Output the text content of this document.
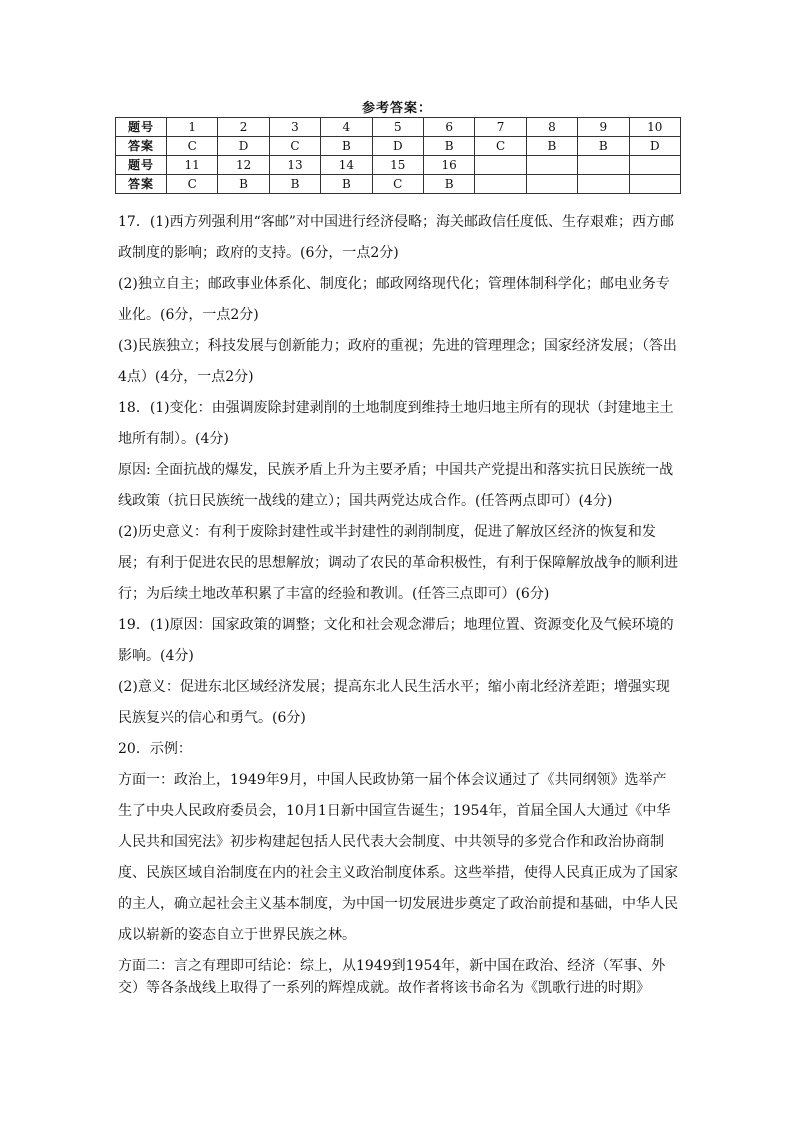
参考答案：
题号	1	2	3	4	5	6	7	8	9	10
答案	C	D	C	B	D	B	C	B	B	D
题号	11	12	13	14	15	16				
答案	C	B	B	B	C	B				

17．(1)西方列强利用“客邮”对中国进行经济侵略；海关邮政信任度低、生存艰难；西方邮政制度的影响；政府的支持。(6分，一点2分)

(2)独立自主；邮政事业体系化、制度化；邮政网络现代化；管理体制科学化；邮电业务专业化。(6分，一点2分)

(3)民族独立；科技发展与创新能力；政府的重视；先进的管理理念；国家经济发展；（答出4点）(4分，一点2分)

18．(1)变化：由强调废除封建剥削的土地制度到维持土地归地主所有的现状（封建地主土地所有制）。(4分)

原因: 全面抗战的爆发，民族矛盾上升为主要矛盾；中国共产党提出和落实抗日民族统一战线政策（抗日民族统一战线的建立）；国共两党达成合作。(任答两点即可）(4分)

(2)历史意义：有利于废除封建性或半封建性的剥削制度，促进了解放区经济的恢复和发展；有利于促进农民的思想解放；调动了农民的革命积极性，有利于保障解放战争的顺利进行；为后续土地改革积累了丰富的经验和教训。(任答三点即可）(6分)

19．(1)原因：国家政策的调整；文化和社会观念滞后；地理位置、资源变化及气候环境的影响。(4分)

(2)意义：促进东北区域经济发展；提高东北人民生活水平；缩小南北经济差距；增强实现民族复兴的信心和勇气。(6分)

20．示例：

方面一：政治上，1949年9月，中国人民政协第一届个体会议通过了《共同纲领》选举产生了中央人民政府委员会，10月1日新中国宣告诞生；1954年，首届全国人大通过《中华人民共和国宪法》初步构建起包括人民代表大会制度、中共领导的多党合作和政治协商制度、民族区域自治制度在内的社会主义政治制度体系。这些举措，使得人民真正成为了国家的主人，确立起社会主义基本制度，为中国一切发展进步奠定了政治前提和基础，中华人民成以崭新的姿态自立于世界民族之林。

方面二：言之有理即可结论：综上，从1949到1954年，新中国在政治、经济（军事、外交）等各条战线上取得了一系列的辉煌成就。故作者将该书命名为《凯歌行进的时期》
